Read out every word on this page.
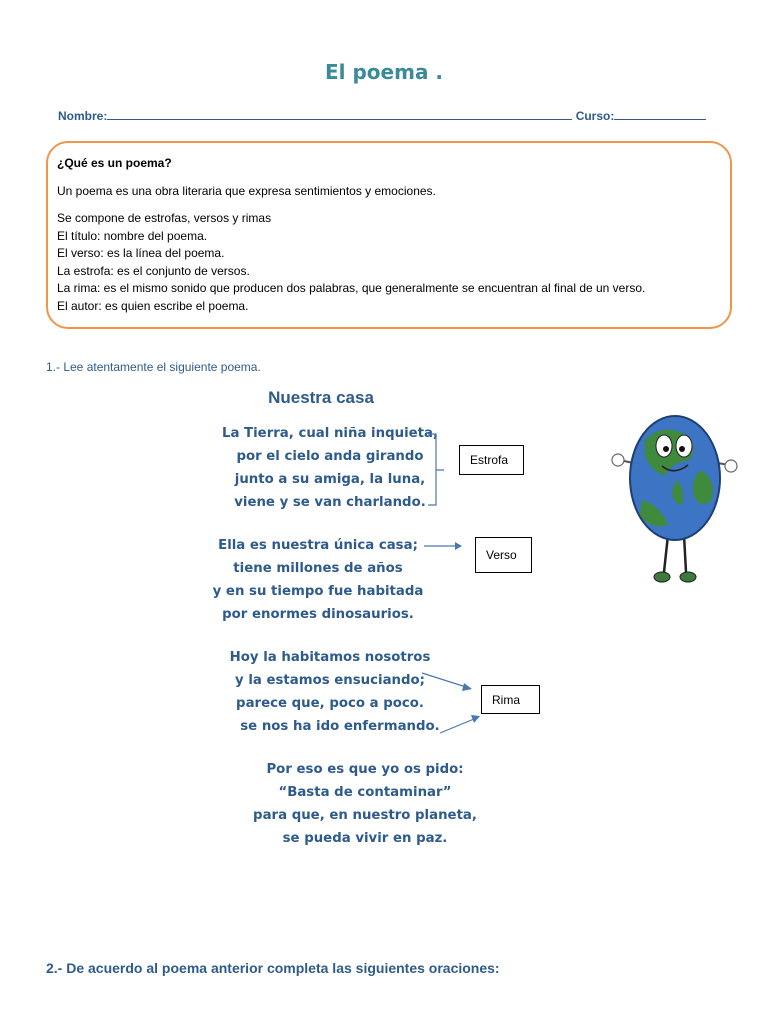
El poema .
Nombre:	Curso:
¿Qué es un poema?
Un poema es una obra literaria que expresa sentimientos y emociones.
Se compone de estrofas, versos y rimas
El título: nombre del poema.
El verso: es la línea del poema.
La estrofa: es el conjunto de versos.
La rima: es el mismo sonido que producen dos palabras, que generalmente se encuentran al final de un verso.
El autor: es quien escribe el poema.
1.- Lee atentamente el siguiente poema.
Nuestra casa
La Tierra, cual niña inquieta,
por el cielo anda girando
junto a su amiga, la luna,
viene y se van charlando.
Ella es nuestra única casa;
tiene millones de años
y en su tiempo fue habitada
por enormes dinosaurios.
Hoy la habitamos nosotros
y la estamos ensuciando;
parece que, poco a poco.
se nos ha ido enfermando.
Por eso es que yo os pido:
“Basta de contaminar”
para que, en nuestro planeta,
se pueda vivir en paz.
Estrofa
Verso
Rima
2.- De acuerdo al poema anterior completa las siguientes oraciones:
